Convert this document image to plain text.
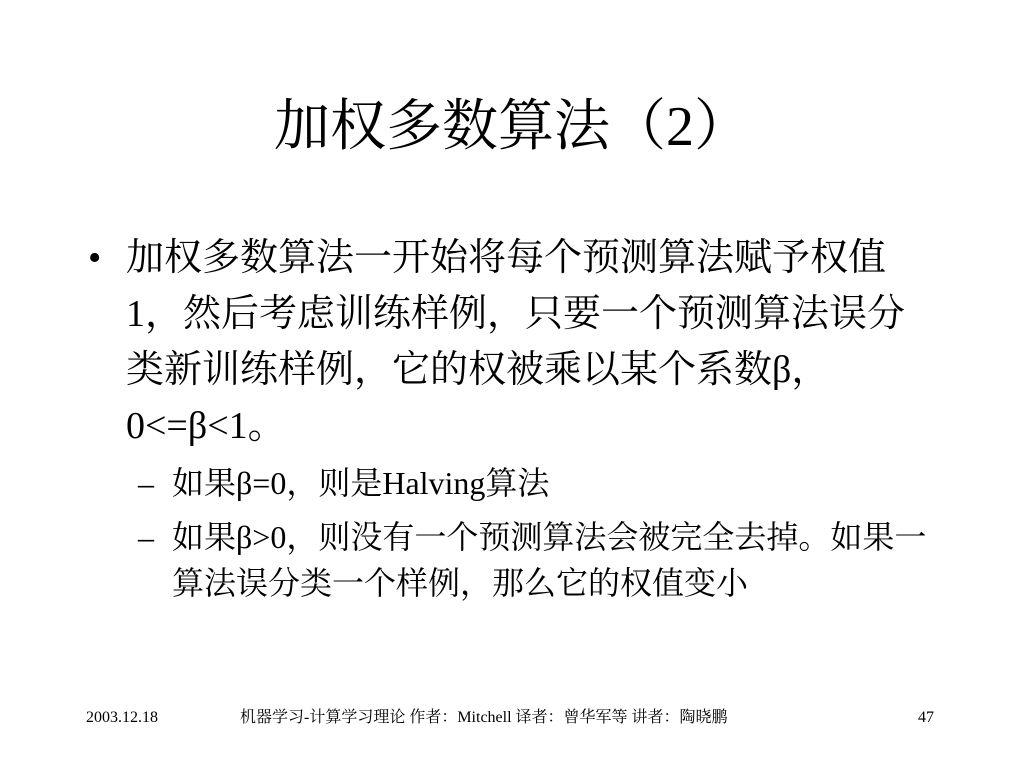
加权多数算法（2）
• 加权多数算法一开始将每个预测算法赋予权值1，然后考虑训练样例，只要一个预测算法误分类新训练样例，它的权被乘以某个系数β，0<=β<1。
– 如果β=0，则是Halving算法
– 如果β>0，则没有一个预测算法会被完全去掉。如果一算法误分类一个样例，那么它的权值变小
2003.12.18	机器学习-计算学习理论 作者：Mitchell 译者：曾华军等 讲者：陶晓鹏	47
